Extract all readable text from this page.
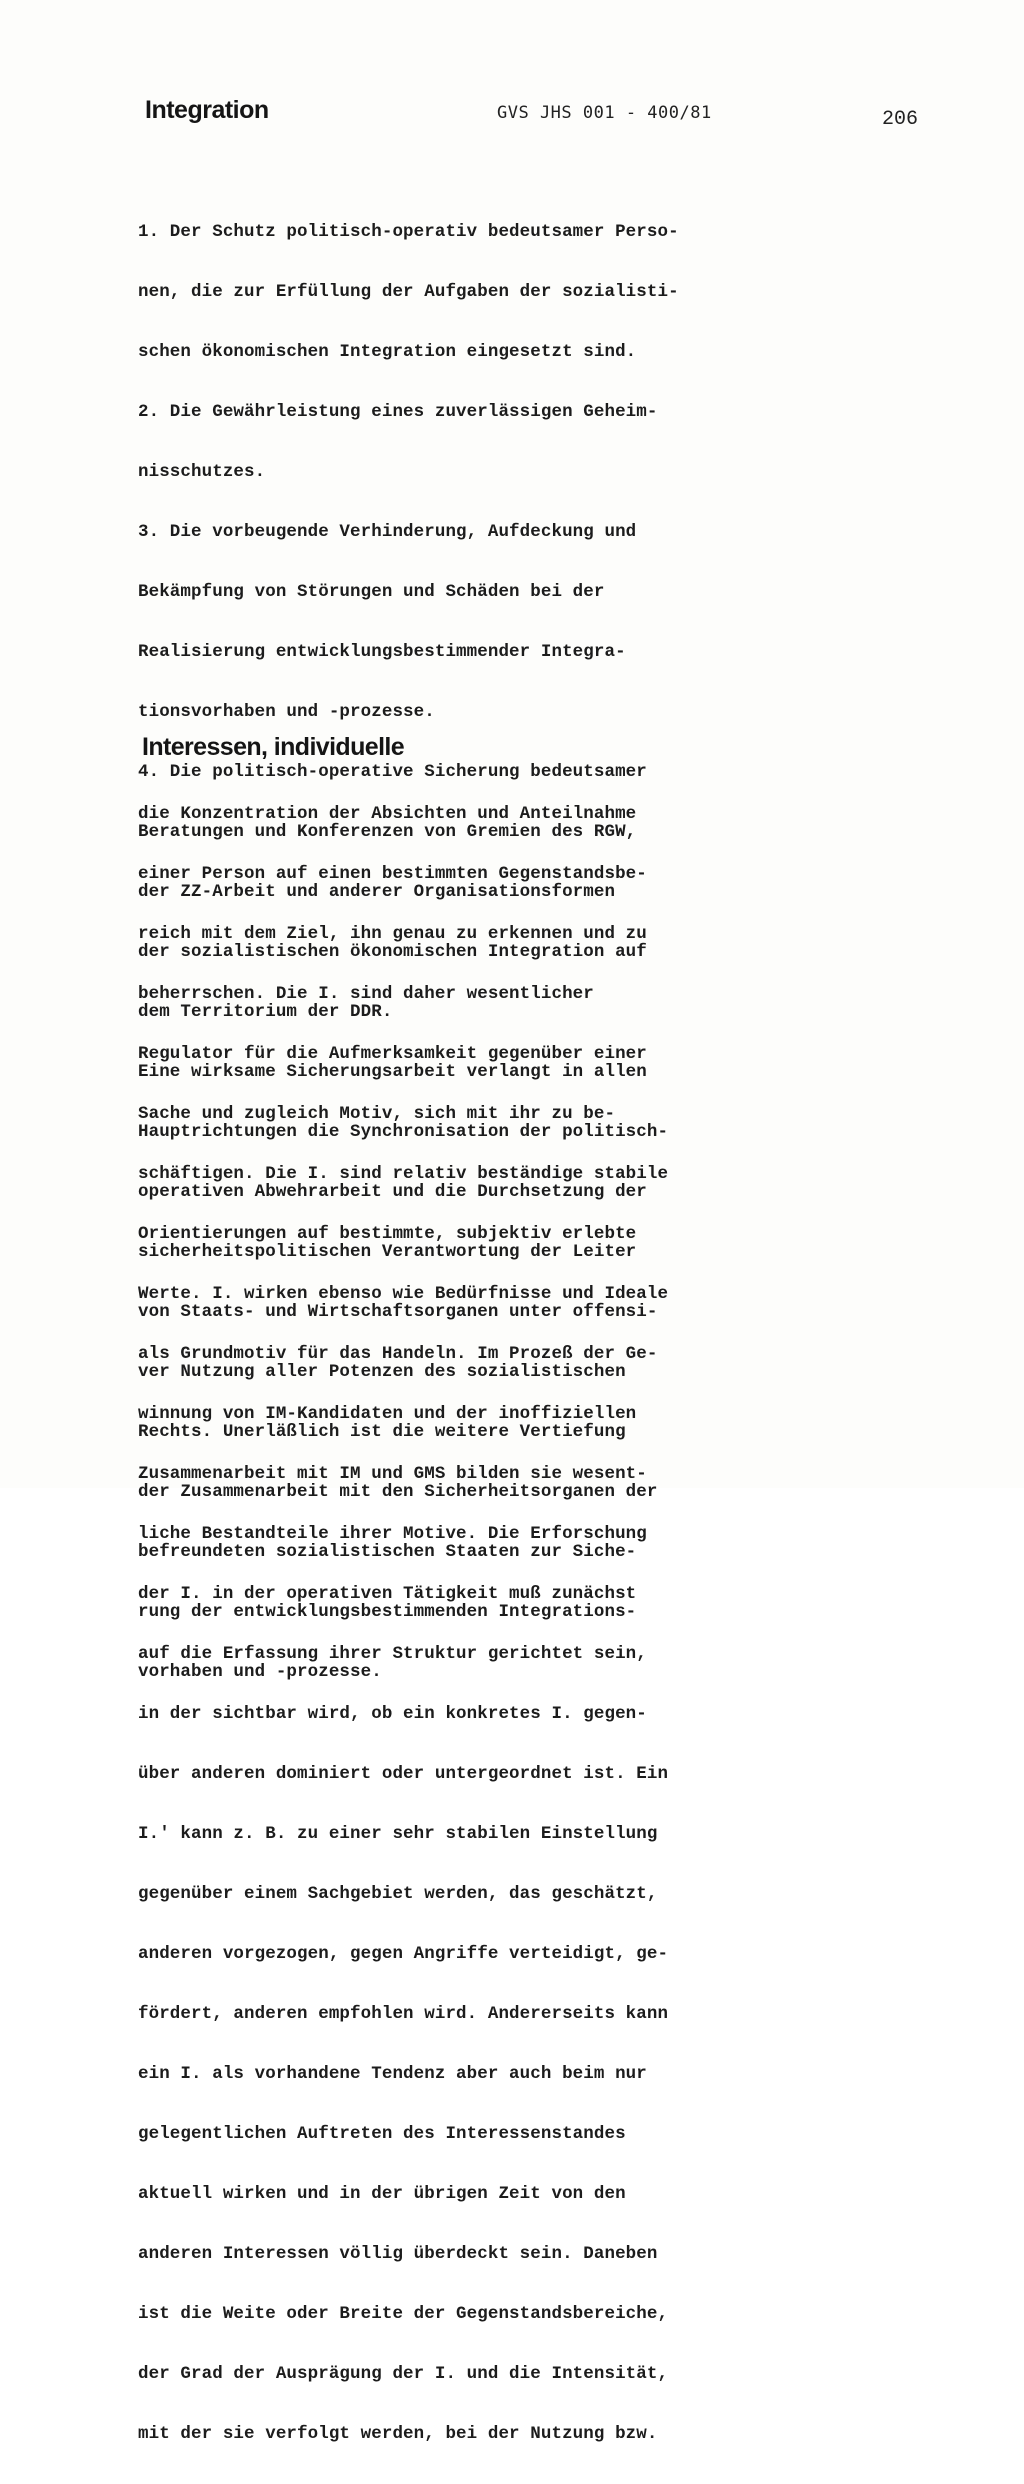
Integration	GVS JHS 001 - 400/81	206

1. Der Schutz politisch-operativ bedeutsamer Perso-

nen, die zur Erfüllung der Aufgaben der sozialisti-

schen ökonomischen Integration eingesetzt sind.

2. Die Gewährleistung eines zuverlässigen Geheim-

nisschutzes.

3. Die vorbeugende Verhinderung, Aufdeckung und

Bekämpfung von Störungen und Schäden bei der

Realisierung entwicklungsbestimmender Integra-

tionsvorhaben und -prozesse.

4. Die politisch-operative Sicherung bedeutsamer

Beratungen und Konferenzen von Gremien des RGW,

der ZZ-Arbeit und anderer Organisationsformen

der sozialistischen ökonomischen Integration auf

dem Territorium der DDR.

Eine wirksame Sicherungsarbeit verlangt in allen

Hauptrichtungen die Synchronisation der politisch-

operativen Abwehrarbeit und die Durchsetzung der

sicherheitspolitischen Verantwortung der Leiter

von Staats- und Wirtschaftsorganen unter offensi-

ver Nutzung aller Potenzen des sozialistischen

Rechts. Unerläßlich ist die weitere Vertiefung

der Zusammenarbeit mit den Sicherheitsorganen der

befreundeten sozialistischen Staaten zur Siche-

rung der entwicklungsbestimmenden Integrations-

vorhaben und -prozesse.

Interessen, individuelle

die Konzentration der Absichten und Anteilnahme

einer Person auf einen bestimmten Gegenstandsbe-

reich mit dem Ziel, ihn genau zu erkennen und zu

beherrschen. Die I. sind daher wesentlicher

Regulator für die Aufmerksamkeit gegenüber einer

Sache und zugleich Motiv, sich mit ihr zu be-

schäftigen. Die I. sind relativ beständige stabile

Orientierungen auf bestimmte, subjektiv erlebte

Werte. I. wirken ebenso wie Bedürfnisse und Ideale

als Grundmotiv für das Handeln. Im Prozeß der Ge-

winnung von IM-Kandidaten und der inoffiziellen

Zusammenarbeit mit IM und GMS bilden sie wesent-

liche Bestandteile ihrer Motive. Die Erforschung

der I. in der operativen Tätigkeit muß zunächst

auf die Erfassung ihrer Struktur gerichtet sein,

in der sichtbar wird, ob ein konkretes I. gegen-

über anderen dominiert oder untergeordnet ist. Ein

I.' kann z. B. zu einer sehr stabilen Einstellung

gegenüber einem Sachgebiet werden, das geschätzt,

anderen vorgezogen, gegen Angriffe verteidigt, ge-

fördert, anderen empfohlen wird. Andererseits kann

ein I. als vorhandene Tendenz aber auch beim nur

gelegentlichen Auftreten des Interessenstandes

aktuell wirken und in der übrigen Zeit von den

anderen Interessen völlig überdeckt sein. Daneben

ist die Weite oder Breite der Gegenstandsbereiche,

der Grad der Ausprägung der I. und die Intensität,

mit der sie verfolgt werden, bei der Nutzung bzw.
